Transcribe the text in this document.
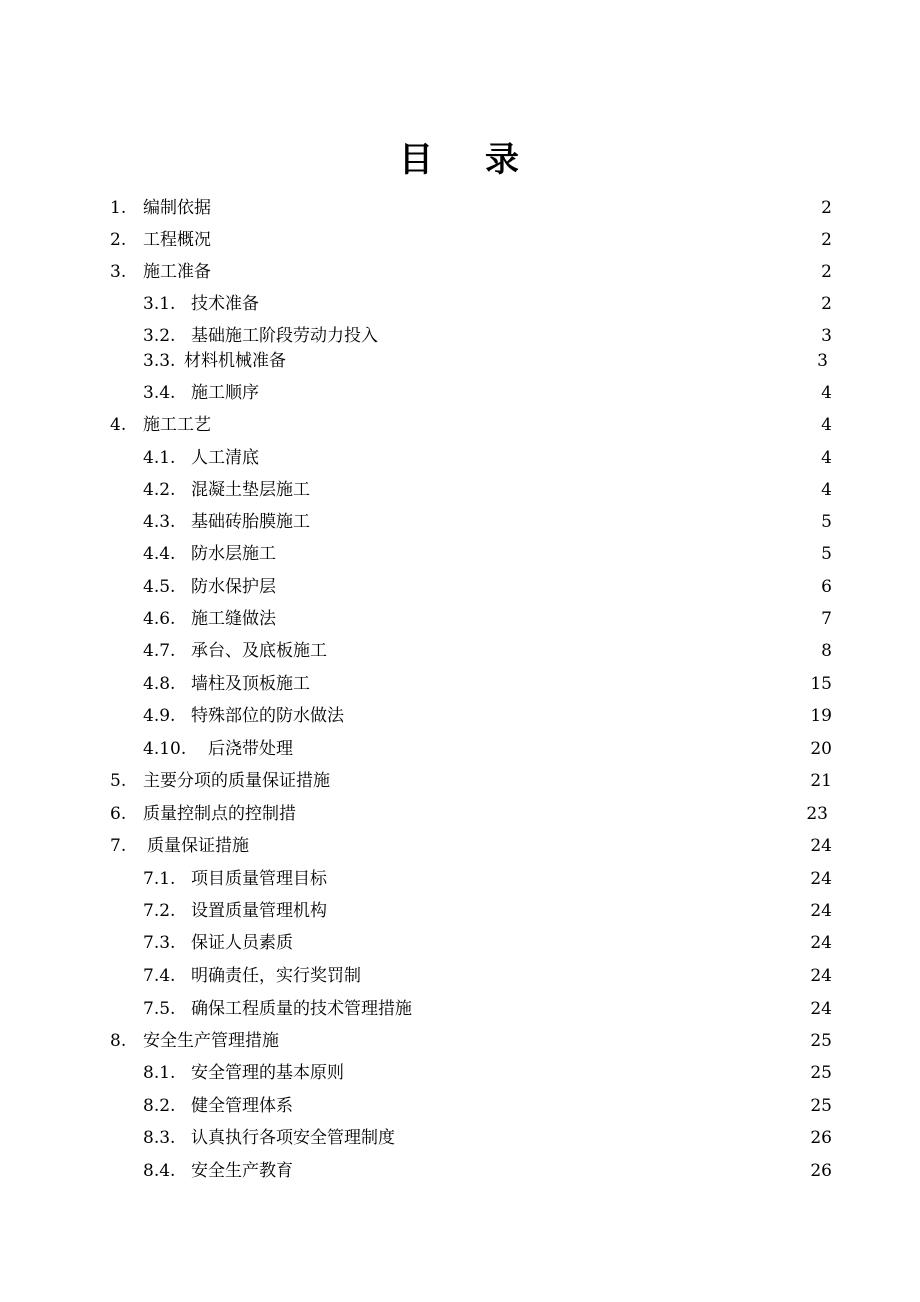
目 录
1. 编制依据	2
2. 工程概况	2
3. 施工准备	2
3.1. 技术准备	2
3.2. 基础施工阶段劳动力投入	3
3.3. 材料机械准备	3
3.4. 施工顺序	4
4. 施工工艺	4
4.1. 人工清底	4
4.2. 混凝土垫层施工	4
4.3. 基础砖胎膜施工	5
4.4. 防水层施工	5
4.5. 防水保护层	6
4.6. 施工缝做法	7
4.7. 承台、及底板施工	8
4.8. 墙柱及顶板施工	15
4.9. 特殊部位的防水做法	19
4.10. 后浇带处理	20
5. 主要分项的质量保证措施	21
6. 质量控制点的控制措	23
7. 质量保证措施	24
7.1. 项目质量管理目标	24
7.2. 设置质量管理机构	24
7.3. 保证人员素质	24
7.4. 明确责任，实行奖罚制	24
7.5. 确保工程质量的技术管理措施	24
8. 安全生产管理措施	25
8.1. 安全管理的基本原则	25
8.2. 健全管理体系	25
8.3. 认真执行各项安全管理制度	26
8.4. 安全生产教育	26
